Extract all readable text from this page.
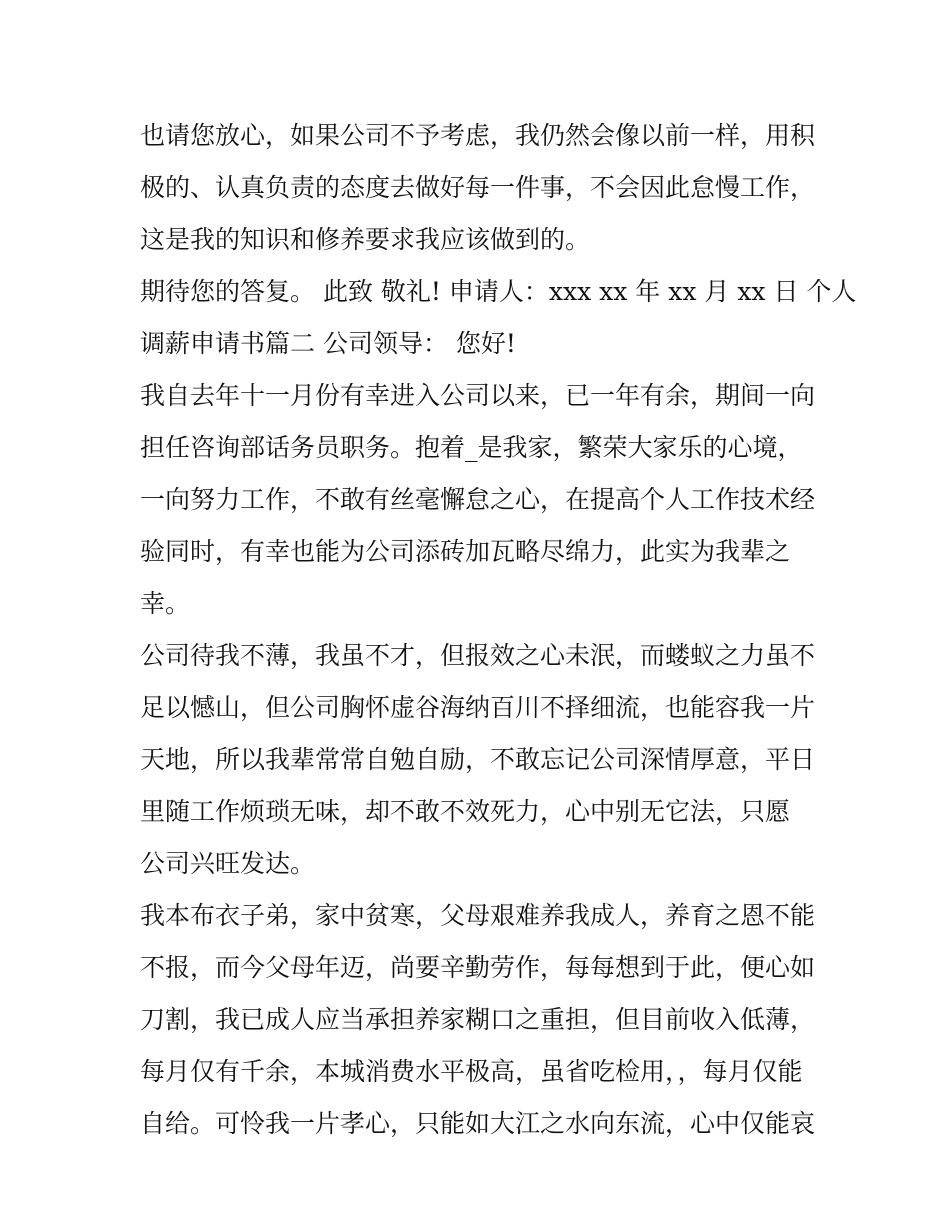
也请您放心，如果公司不予考虑，我仍然会像以前一样，用积
极的、认真负责的态度去做好每一件事，不会因此怠慢工作，
这是我的知识和修养要求我应该做到的。
期待您的答复。 此致 敬礼! 申请人：xxx xx 年 xx 月 xx 日 个人
调薪申请书篇二 公司领导： 您好!
我自去年十一月份有幸进入公司以来，已一年有余，期间一向
担任咨询部话务员职务。抱着_是我家，繁荣大家乐的心境，
一向努力工作，不敢有丝毫懈怠之心，在提高个人工作技术经
验同时，有幸也能为公司添砖加瓦略尽绵力，此实为我辈之
幸。
公司待我不薄，我虽不才，但报效之心未泯，而蝼蚁之力虽不
足以憾山，但公司胸怀虚谷海纳百川不择细流，也能容我一片
天地，所以我辈常常自勉自励，不敢忘记公司深情厚意，平日
里随工作烦琐无味，却不敢不效死力，心中别无它法，只愿
公司兴旺发达。
我本布衣子弟，家中贫寒，父母艰难养我成人，养育之恩不能
不报，而今父母年迈，尚要辛勤劳作，每每想到于此，便心如
刀割，我已成人应当承担养家糊口之重担，但目前收入低薄，
每月仅有千余，本城消费水平极高，虽省吃检用，，每月仅能
自给。可怜我一片孝心，只能如大江之水向东流，心中仅能哀
